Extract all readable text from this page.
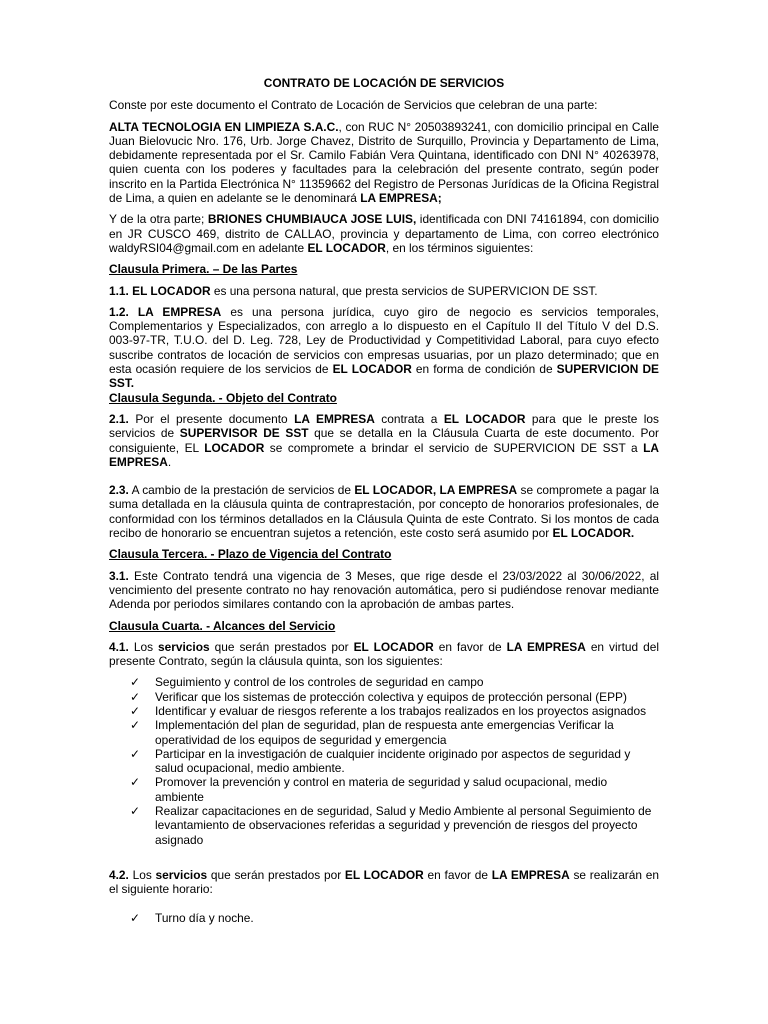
CONTRATO DE LOCACIÓN DE SERVICIOS

Conste por este documento el Contrato de Locación de Servicios que celebran de una parte:

ALTA TECNOLOGIA EN LIMPIEZA S.A.C., con RUC N° 20503893241, con domicilio principal en Calle Juan Bielovucic Nro. 176, Urb. Jorge Chavez, Distrito de Surquillo, Provincia y Departamento de Lima, debidamente representada por el Sr. Camilo Fabián Vera Quintana, identificado con DNI N° 40263978, quien cuenta con los poderes y facultades para la celebración del presente contrato, según poder inscrito en la Partida Electrónica N° 11359662 del Registro de Personas Jurídicas de la Oficina Registral de Lima, a quien en adelante se le denominará LA EMPRESA;

Y de la otra parte; BRIONES CHUMBIAUCA JOSE LUIS, identificada con DNI 74161894, con domicilio en JR CUSCO 469, distrito de CALLAO, provincia y departamento de Lima, con correo electrónico waldyRSI04@gmail.com en adelante EL LOCADOR, en los términos siguientes:

Clausula Primera. – De las Partes

1.1. EL LOCADOR es una persona natural, que presta servicios de SUPERVICION DE SST.

1.2. LA EMPRESA es una persona jurídica, cuyo giro de negocio es servicios temporales, Complementarios y Especializados, con arreglo a lo dispuesto en el Capítulo II del Título V del D.S. 003-97-TR, T.U.O. del D. Leg. 728, Ley de Productividad y Competitividad Laboral, para cuyo efecto suscribe contratos de locación de servicios con empresas usuarias, por un plazo determinado; que en esta ocasión requiere de los servicios de EL LOCADOR en forma de condición de SUPERVICION DE SST.

Clausula Segunda. - Objeto del Contrato

2.1. Por el presente documento LA EMPRESA contrata a EL LOCADOR para que le preste los servicios de SUPERVISOR DE SST que se detalla en la Cláusula Cuarta de este documento. Por consiguiente, EL LOCADOR se compromete a brindar el servicio de SUPERVICION DE SST a LA EMPRESA.

2.3. A cambio de la prestación de servicios de EL LOCADOR, LA EMPRESA se compromete a pagar la suma detallada en la cláusula quinta de contraprestación, por concepto de honorarios profesionales, de conformidad con los términos detallados en la Cláusula Quinta de este Contrato. Si los montos de cada recibo de honorario se encuentran sujetos a retención, este costo será asumido por EL LOCADOR.

Clausula Tercera. - Plazo de Vigencia del Contrato

3.1. Este Contrato tendrá una vigencia de 3 Meses, que rige desde el 23/03/2022 al 30/06/2022, al vencimiento del presente contrato no hay renovación automática, pero si pudiéndose renovar mediante Adenda por periodos similares contando con la aprobación de ambas partes.

Clausula Cuarta. - Alcances del Servicio

4.1. Los servicios que serán prestados por EL LOCADOR en favor de LA EMPRESA en virtud del presente Contrato, según la cláusula quinta, son los siguientes:

✓ Seguimiento y control de los controles de seguridad en campo
✓ Verificar que los sistemas de protección colectiva y equipos de protección personal (EPP)
✓ Identificar y evaluar de riesgos referente a los trabajos realizados en los proyectos asignados
✓ Implementación del plan de seguridad, plan de respuesta ante emergencias Verificar la operatividad de los equipos de seguridad y emergencia
✓ Participar en la investigación de cualquier incidente originado por aspectos de seguridad y salud ocupacional, medio ambiente.
✓ Promover la prevención y control en materia de seguridad y salud ocupacional, medio ambiente
✓ Realizar capacitaciones en de seguridad, Salud y Medio Ambiente al personal Seguimiento de levantamiento de observaciones referidas a seguridad y prevención de riesgos del proyecto asignado

4.2. Los servicios que serán prestados por EL LOCADOR en favor de LA EMPRESA se realizarán en el siguiente horario:

✓ Turno día y noche.
